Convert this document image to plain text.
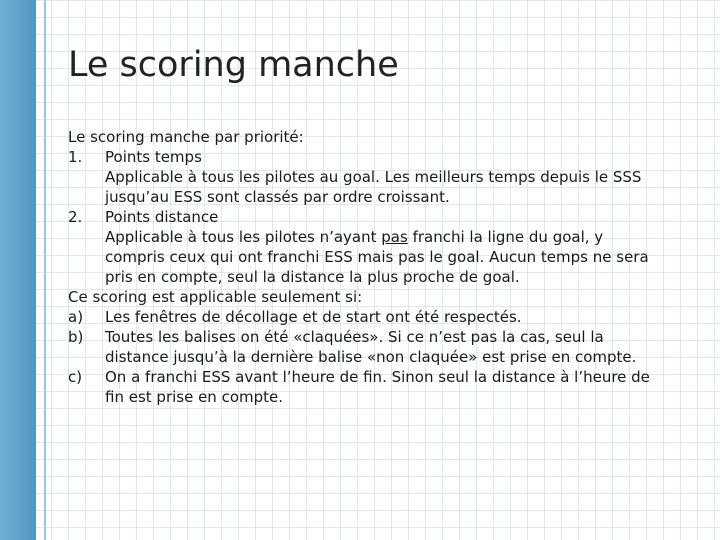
Le scoring manche
Le scoring manche par priorité:
1.	Points temps
Applicable à tous les pilotes au goal. Les meilleurs temps depuis le SSS
jusqu’au ESS sont classés par ordre croissant.
2.	Points distance
Applicable à tous les pilotes n’ayant pas franchi la ligne du goal, y
compris ceux qui ont franchi ESS mais pas le goal. Aucun temps ne sera
pris en compte, seul la distance la plus proche de goal.
Ce scoring est applicable seulement si:
a)	Les fenêtres de décollage et de start ont été respectés.
b)	Toutes les balises on été «claquées». Si ce n’est pas la cas, seul la
distance jusqu’à la dernière balise «non claquée» est prise en compte.
c)	On a franchi ESS avant l’heure de fin. Sinon seul la distance à l’heure de
fin est prise en compte.
